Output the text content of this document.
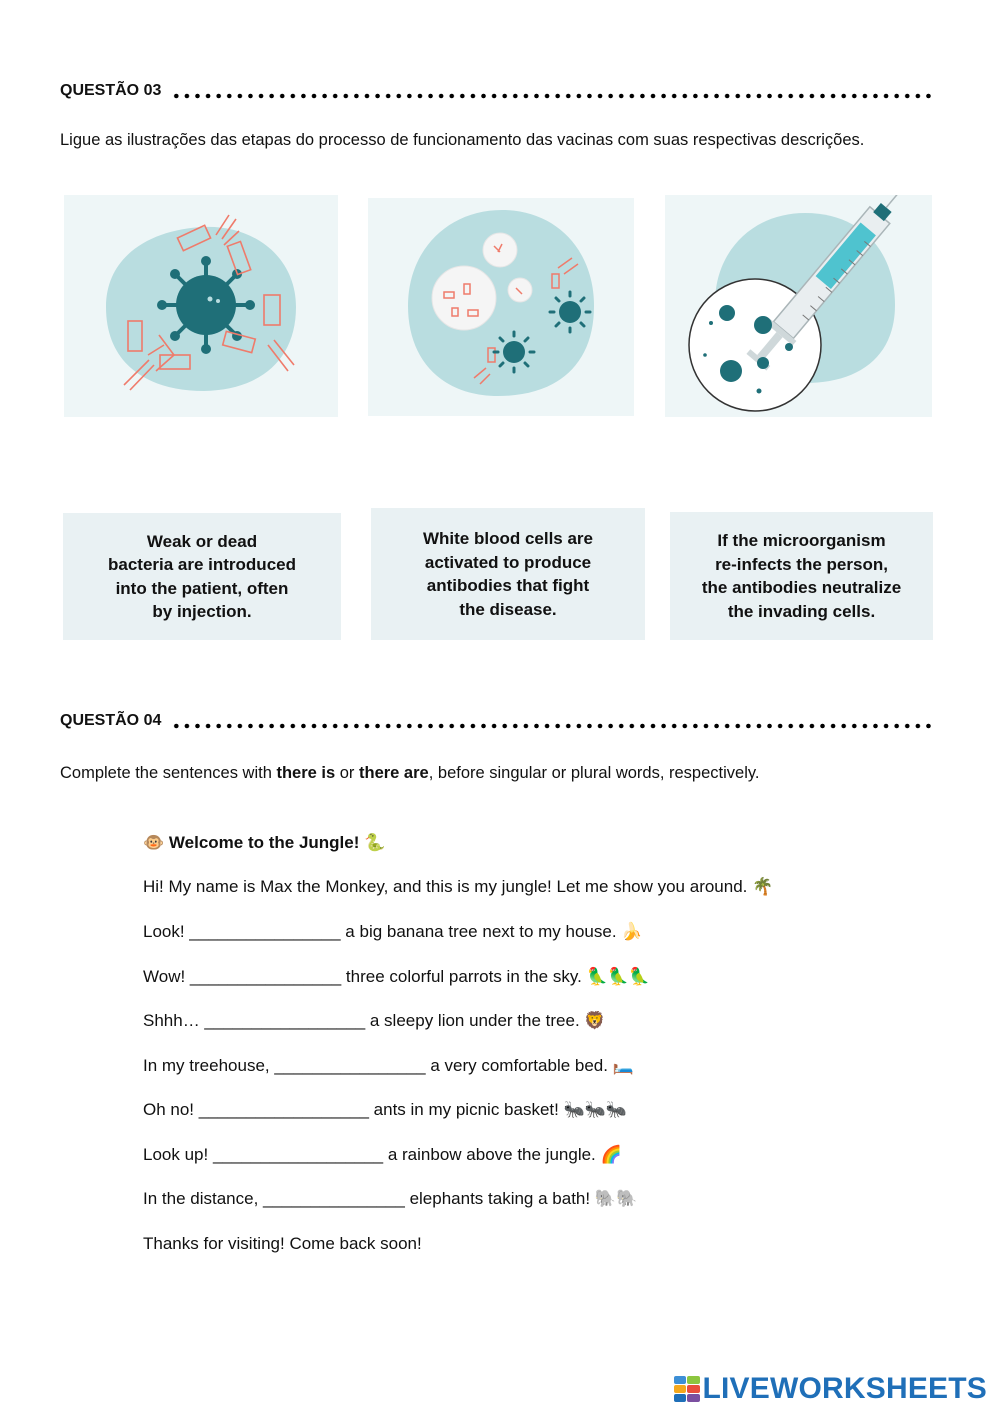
QUESTÃO 03
Ligue as ilustrações das etapas do processo de funcionamento das vacinas com suas respectivas descrições.
Weak or dead
bacteria are introduced
into the patient, often
by injection.
White blood cells are
activated to produce
antibodies that fight
the disease.
If the microorganism
re-infects the person,
the antibodies neutralize
the invading cells.
QUESTÃO 04
Complete the sentences with there is or there are, before singular or plural words, respectively.
🐵 Welcome to the Jungle! 🐍
Hi! My name is Max the Monkey, and this is my jungle! Let me show you around. 🌴
Look! ________________ a big banana tree next to my house. 🍌
Wow! ________________ three colorful parrots in the sky. 🦜🦜🦜
Shhh… _________________ a sleepy lion under the tree. 🦁
In my treehouse, ________________ a very comfortable bed. 🛏️
Oh no! __________________ ants in my picnic basket! 🐜🐜🐜
Look up! __________________ a rainbow above the jungle. 🌈
In the distance, _______________ elephants taking a bath! 🐘🐘
Thanks for visiting! Come back soon!
LIVEWORKSHEETS
